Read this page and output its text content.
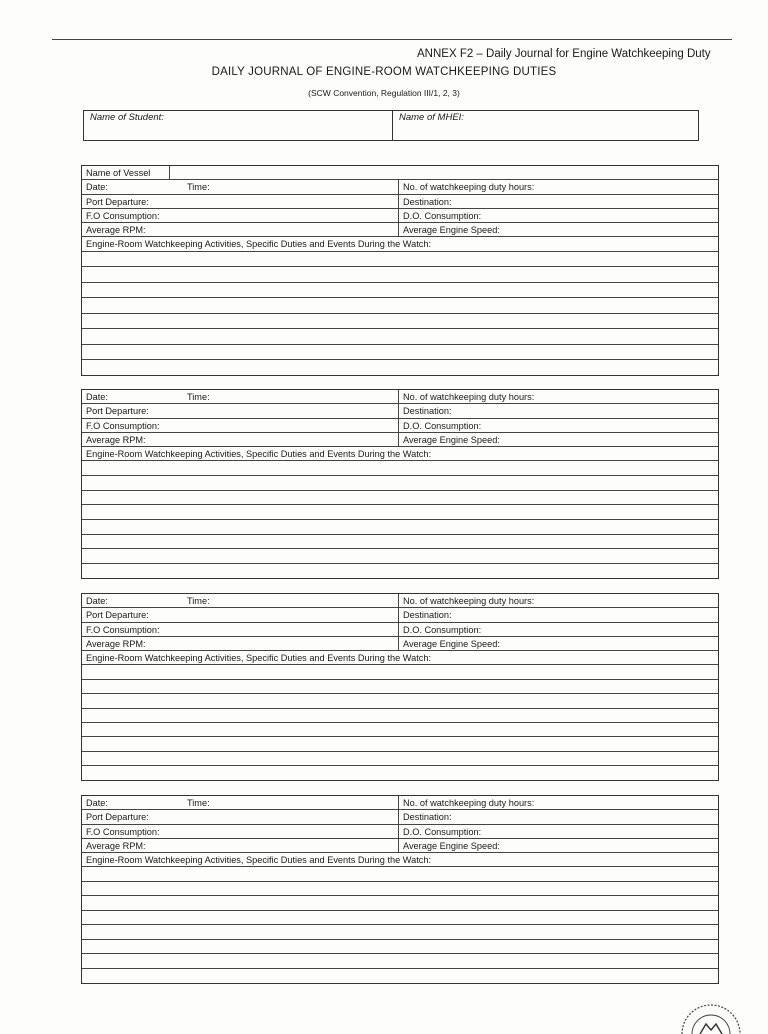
ANNEX F2 – Daily Journal for Engine Watchkeeping Duty
DAILY JOURNAL OF ENGINE-ROOM WATCHKEEPING DUTIES
(SCW Convention, Regulation III/1, 2, 3)
Name of Student:	Name of MHEI:
Name of Vessel
Date:	Time:	No. of watchkeeping duty hours:
Port Departure:	Destination:
F.O Consumption:	D.O. Consumption:
Average RPM:	Average Engine Speed:
Engine-Room Watchkeeping Activities, Specific Duties and Events During the Watch:
Date:	Time:	No. of watchkeeping duty hours:
Port Departure:	Destination:
F.O Consumption:	D.O. Consumption:
Average RPM:	Average Engine Speed:
Engine-Room Watchkeeping Activities, Specific Duties and Events During the Watch:
Date:	Time:	No. of watchkeeping duty hours:
Port Departure:	Destination:
F.O Consumption:	D.O. Consumption:
Average RPM:	Average Engine Speed:
Engine-Room Watchkeeping Activities, Specific Duties and Events During the Watch:
Date:	Time:	No. of watchkeeping duty hours:
Port Departure:	Destination:
F.O Consumption:	D.O. Consumption:
Average RPM:	Average Engine Speed:
Engine-Room Watchkeeping Activities, Specific Duties and Events During the Watch:
